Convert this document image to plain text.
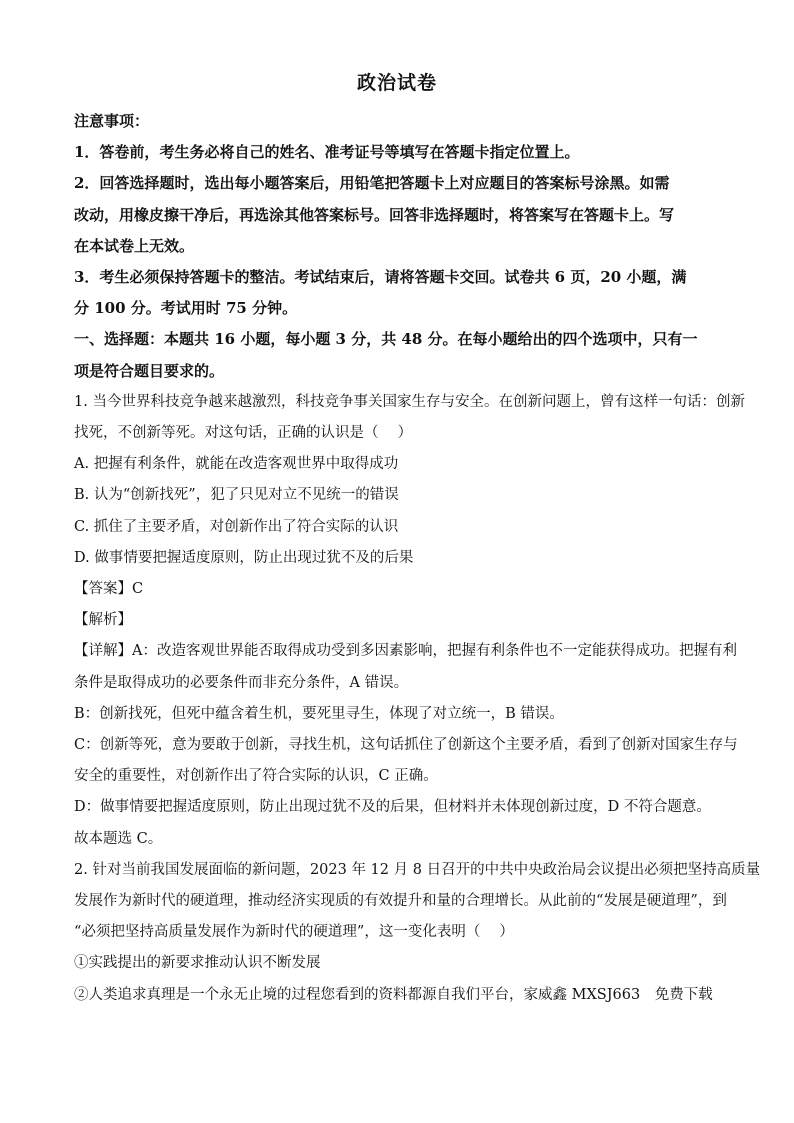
政治试卷
注意事项：
1．答卷前，考生务必将自己的姓名、准考证号等填写在答题卡指定位置上。
2．回答选择题时，选出每小题答案后，用铅笔把答题卡上对应题目的答案标号涂黑。如需
改动，用橡皮擦干净后，再选涂其他答案标号。回答非选择题时，将答案写在答题卡上。写
在本试卷上无效。
3．考生必须保持答题卡的整洁。考试结束后，请将答题卡交回。试卷共 6 页，20 小题，满
分 100 分。考试用时 75 分钟。
一、选择题：本题共 16 小题，每小题 3 分，共 48 分。在每小题给出的四个选项中，只有一
项是符合题目要求的。
1. 当今世界科技竞争越来越激烈，科技竞争事关国家生存与安全。在创新问题上，曾有这样一句话：创新
找死，不创新等死。对这句话，正确的认识是（　 ）
A. 把握有利条件，就能在改造客观世界中取得成功
B. 认为“创新找死”，犯了只见对立不见统一的错误
C. 抓住了主要矛盾，对创新作出了符合实际的认识
D. 做事情要把握适度原则，防止出现过犹不及的后果
【答案】C
【解析】
【详解】A：改造客观世界能否取得成功受到多因素影响，把握有利条件也不一定能获得成功。把握有利
条件是取得成功的必要条件而非充分条件，A 错误。
B：创新找死，但死中蕴含着生机，要死里寻生，体现了对立统一，B 错误。
C：创新等死，意为要敢于创新，寻找生机，这句话抓住了创新这个主要矛盾，看到了创新对国家生存与
安全的重要性，对创新作出了符合实际的认识，C 正确。
D：做事情要把握适度原则，防止出现过犹不及的后果，但材料并未体现创新过度，D 不符合题意。
故本题选 C。
2. 针对当前我国发展面临的新问题，2023 年 12 月 8 日召开的中共中央政治局会议提出必须把坚持高质量
发展作为新时代的硬道理，推动经济实现质的有效提升和量的合理增长。从此前的“发展是硬道理”，到
“必须把坚持高质量发展作为新时代的硬道理”，这一变化表明（　 ）
①实践提出的新要求推动认识不断发展
②人类追求真理是一个永无止境的过程您看到的资料都源自我们平台，家威鑫 MXSJ663　免费下载
